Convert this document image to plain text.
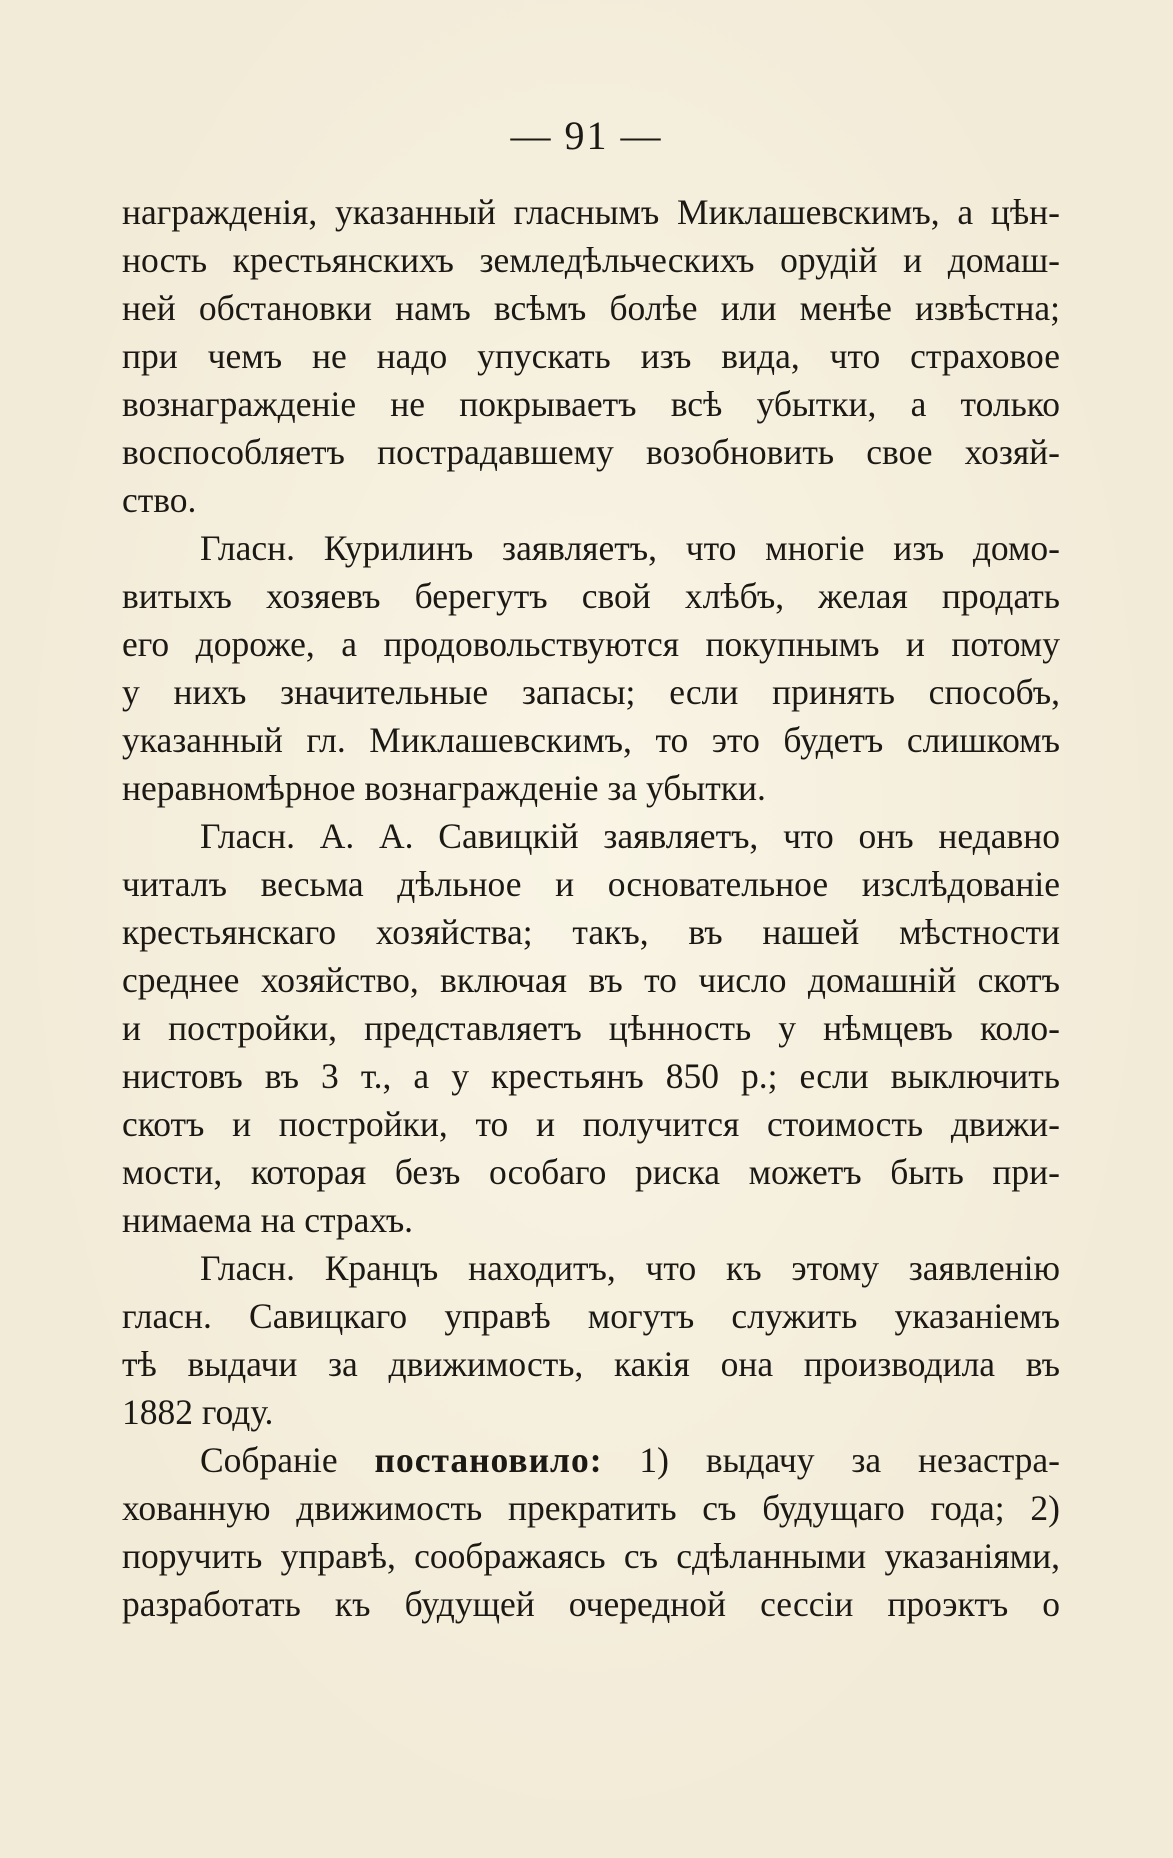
— 91 —
награжденія, указанный гласнымъ Миклашевскимъ, а цѣн-
ность крестьянскихъ земледѣльческихъ орудій и домаш-
ней обстановки намъ всѣмъ болѣе или менѣе извѣстна;
при чемъ не надо упускать изъ вида, что страховое
вознагражденіе не покрываетъ всѣ убытки, а только
воспособляетъ пострадавшему возобновить свое хозяй-
ство.
Гласн. Курилинъ заявляетъ, что многіе изъ домо-
витыхъ хозяевъ берегутъ свой хлѣбъ, желая продать
его дороже, а продовольствуются покупнымъ и потому
у нихъ значительные запасы; если принять способъ,
указанный гл. Миклашевскимъ, то это будетъ слишкомъ
неравномѣрное вознагражденіе за убытки.
Гласн. А. А. Савицкій заявляетъ, что онъ недавно
читалъ весьма дѣльное и основательное изслѣдованіе
крестьянскаго хозяйства; такъ, въ нашей мѣстности
среднее хозяйство, включая въ то число домашній скотъ
и постройки, представляетъ цѣнность у нѣмцевъ коло-
нистовъ въ 3 т., а у крестьянъ 850 р.; если выключить
скотъ и постройки, то и получится стоимость движи-
мости, которая безъ особаго риска можетъ быть при-
нимаема на страхъ.
Гласн. Кранцъ находитъ, что къ этому заявленію
гласн. Савицкаго управѣ могутъ служить указаніемъ
тѣ выдачи за движимость, какія она производила въ
1882 году.
Собраніе постановило: 1) выдачу за незастра-
хованную движимость прекратить съ будущаго года; 2)
поручить управѣ, соображаясь съ сдѣланными указаніями,
разработать къ будущей очередной сессіи проэктъ о
